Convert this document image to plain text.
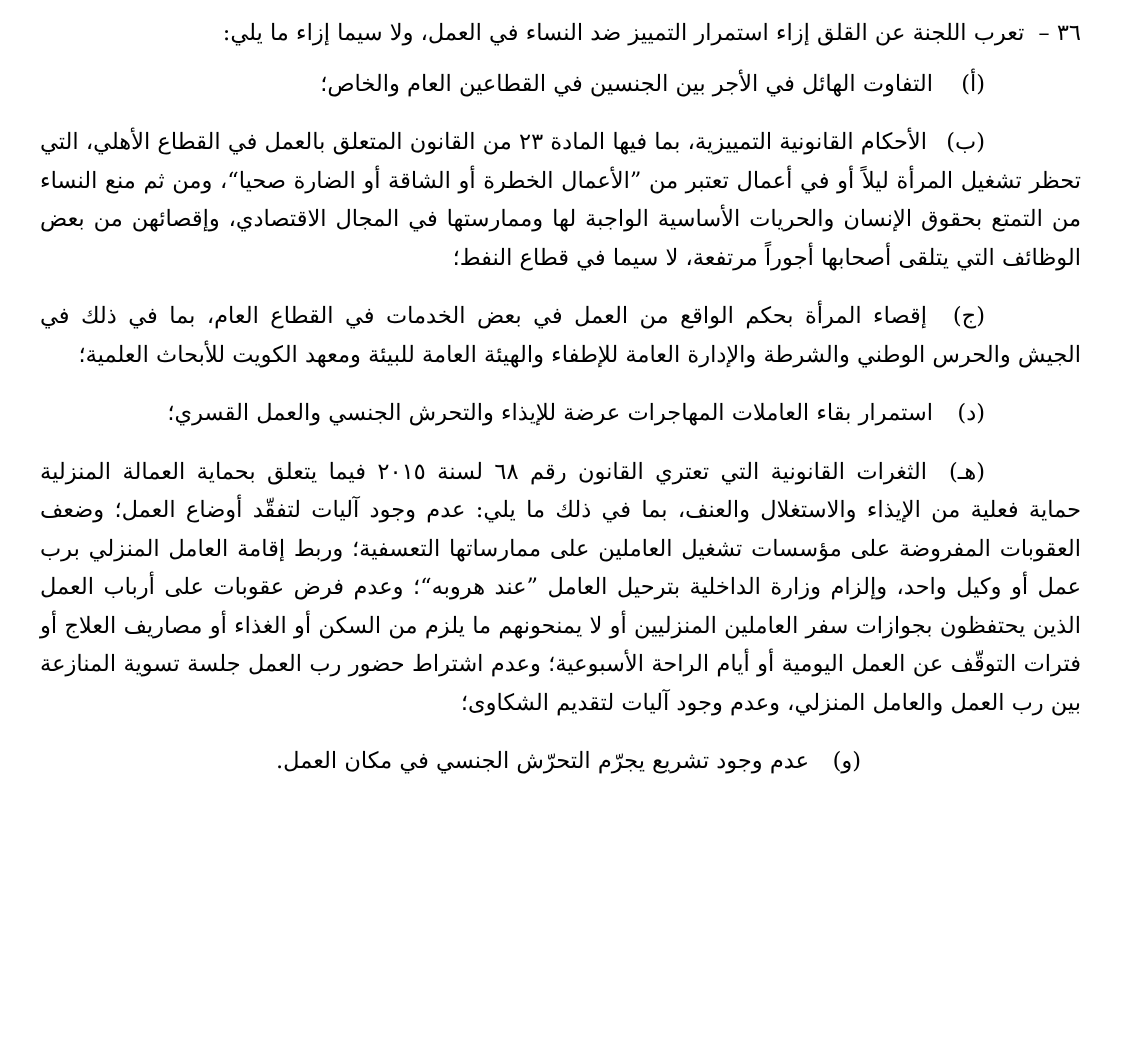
٣٦ –تعرب اللجنة عن القلق إزاء استمرار التمييز ضد النساء في العمل، ولا سيما إزاء ما يلي:

(أ)التفاوت الهائل في الأجر بين الجنسين في القطاعين العام والخاص؛

(ب)الأحكام القانونية التمييزية، بما فيها المادة ٢٣ من القانون المتعلق بالعمل في القطاع الأهلي، التي تحظر تشغيل المرأة ليلاً أو في أعمال تعتبر من ”الأعمال الخطرة أو الشاقة أو الضارة صحيا“، ومن ثم منع النساء من التمتع بحقوق الإنسان والحريات الأساسية الواجبة لها وممارستها في المجال الاقتصادي، وإقصائهن من بعض الوظائف التي يتلقى أصحابها أجوراً مرتفعة، لا سيما في قطاع النفط؛

(ج)إقصاء المرأة بحكم الواقع من العمل في بعض الخدمات في القطاع العام، بما في ذلك في الجيش والحرس الوطني والشرطة والإدارة العامة للإطفاء والهيئة العامة للبيئة ومعهد الكويت للأبحاث العلمية؛

(د)استمرار بقاء العاملات المهاجرات عرضة للإيذاء والتحرش الجنسي والعمل القسري؛

(هـ)الثغرات القانونية التي تعتري القانون رقم ٦٨ لسنة ٢٠١٥ فيما يتعلق بحماية العمالة المنزلية حماية فعلية من الإيذاء والاستغلال والعنف، بما في ذلك ما يلي: عدم وجود آليات لتفقّد أوضاع العمل؛ وضعف العقوبات المفروضة على مؤسسات تشغيل العاملين على ممارساتها التعسفية؛ وربط إقامة العامل المنزلي برب عمل أو وكيل واحد، وإلزام وزارة الداخلية بترحيل العامل ”عند هروبه“؛ وعدم فرض عقوبات على أرباب العمل الذين يحتفظون بجوازات سفر العاملين المنزليين أو لا يمنحونهم ما يلزم من السكن أو الغذاء أو مصاريف العلاج أو فترات التوقّف عن العمل اليومية أو أيام الراحة الأسبوعية؛ وعدم اشتراط حضور رب العمل جلسة تسوية المنازعة بين رب العمل والعامل المنزلي، وعدم وجود آليات لتقديم الشكاوى؛

(و)عدم وجود تشريع يجرّم التحرّش الجنسي في مكان العمل.
